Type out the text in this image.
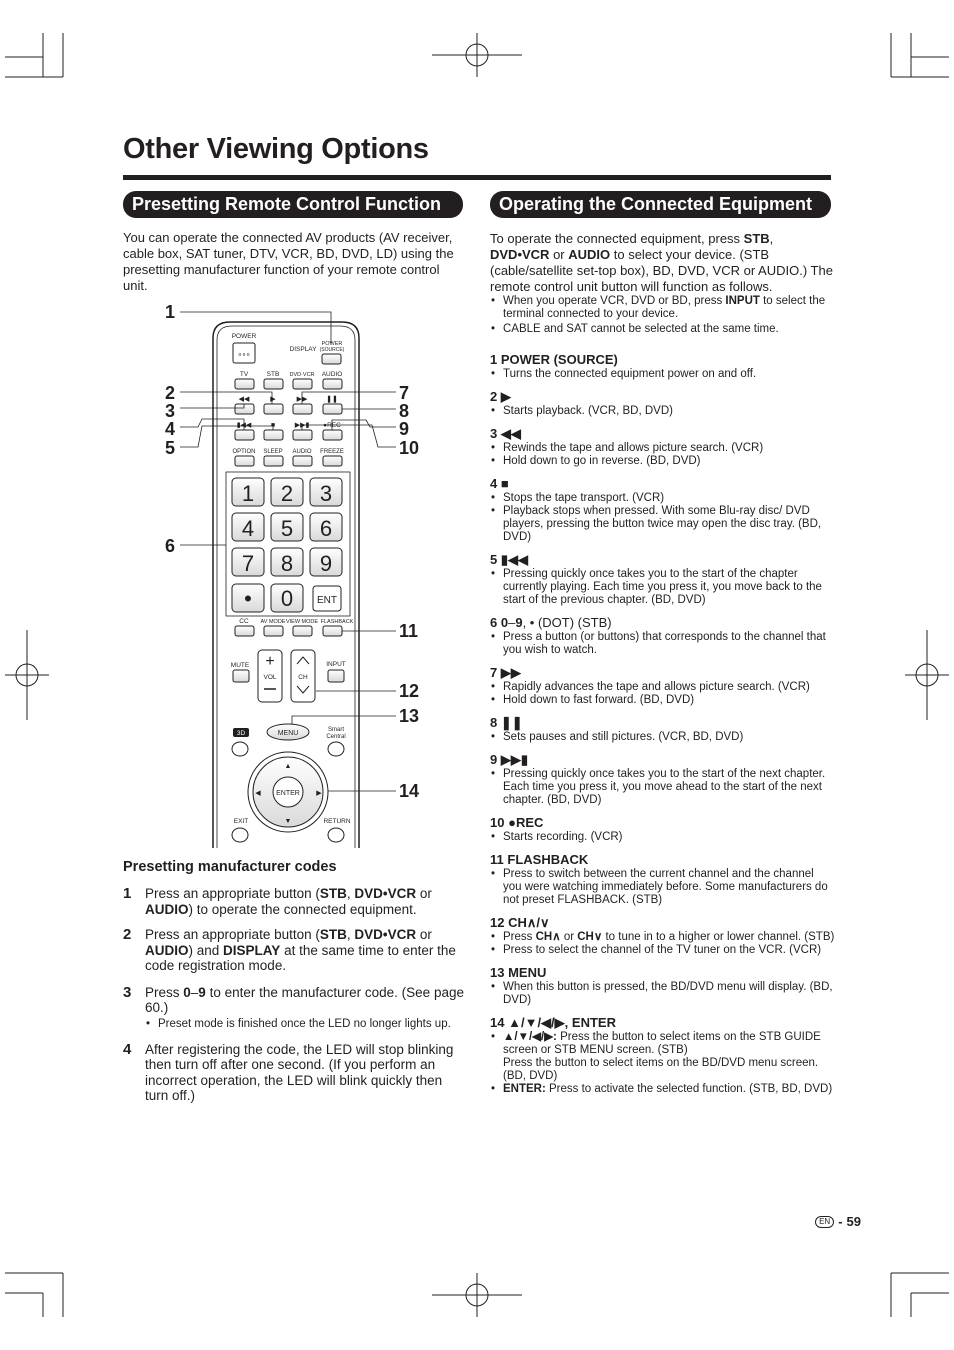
Other Viewing Options
Presetting Remote Control Function
You can operate the connected AV products (AV receiver, cable box, SAT tuner, DTV, VCR, BD, DVD, LD) using the presetting manufacturer function of your remote control unit.
POWER
o o o
DISPLAY
POWER
(SOURCE)
TV	STB DVD·VCR AUDIO
◀◀	▶	▶▶	❚❚
▮◀◀	■	▶▶▮ ●REC
OPTION SLEEP AUDIO FREEZE
1 2 3
4 5 6
7 8 9
• 0 ENT
CC AV MODE VIEW MODE FLASHBACK
MUTE +
VOL	CH
INPUT
3D	MENU	Smart
Central
ENTER
▲
▼
◀	▶
EXIT	RETURN
1
2
3
4
5
6
7
8
9
10
11
12
13
14
Presetting manufacturer codes
1 Press an appropriate button (STB, DVD•VCR or AUDIO) to operate the connected equipment.
2 Press an appropriate button (STB, DVD•VCR or AUDIO) and DISPLAY at the same time to enter the code registration mode.
3 Press 0–9 to enter the manufacturer code. (See page 60.)
• Preset mode is finished once the LED no longer lights up.
4 After registering the code, the LED will stop blinking then turn off after one second. (If you perform an incorrect operation, the LED will blink quickly then turn off.)
Operating the Connected Equipment
To operate the connected equipment, press STB, DVD•VCR or AUDIO to select your device. (STB (cable/satellite set-top box), BD, DVD, VCR or AUDIO.) The remote control unit button will function as follows.
• When you operate VCR, DVD or BD, press INPUT to select the terminal connected to your device.
• CABLE and SAT cannot be selected at the same time.
1 POWER (SOURCE)
• Turns the connected equipment power on and off.
2 ▶
• Starts playback. (VCR, BD, DVD)
3 ◀◀
• Rewinds the tape and allows picture search. (VCR)
• Hold down to go in reverse. (BD, DVD)
4 ■
• Stops the tape transport. (VCR)
• Playback stops when pressed. With some Blu-ray disc/ DVD players, pressing the button twice may open the disc tray. (BD, DVD)
5 ▮◀◀
• Pressing quickly once takes you to the start of the chapter currently playing. Each time you press it, you move back to the start of the previous chapter. (BD, DVD)
6 0–9, • (DOT) (STB)
• Press a button (or buttons) that corresponds to the channel that you wish to watch.
7 ▶▶
• Rapidly advances the tape and allows picture search. (VCR)
• Hold down to fast forward. (BD, DVD)
8 ❚❚
• Sets pauses and still pictures. (VCR, BD, DVD)
9 ▶▶▮
• Pressing quickly once takes you to the start of the next chapter. Each time you press it, you move ahead to the start of the next chapter. (BD, DVD)
10 ●REC
• Starts recording. (VCR)
11 FLASHBACK
• Press to switch between the current channel and the channel you were watching immediately before. Some manufacturers do not preset FLASHBACK. (STB)
12 CH∧/∨
• Press CH∧ or CH∨ to tune in to a higher or lower channel. (STB)
• Press to select the channel of the TV tuner on the VCR. (VCR)
13 MENU
• When this button is pressed, the BD/DVD menu will display. (BD, DVD)
14 ▲/▼/◀/▶, ENTER
• ▲/▼/◀/▶: Press the button to select items on the STB GUIDE screen or STB MENU screen. (STB)
Press the button to select items on the BD/DVD menu screen. (BD, DVD)
• ENTER: Press to activate the selected function. (STB, BD, DVD)
EN - 59
